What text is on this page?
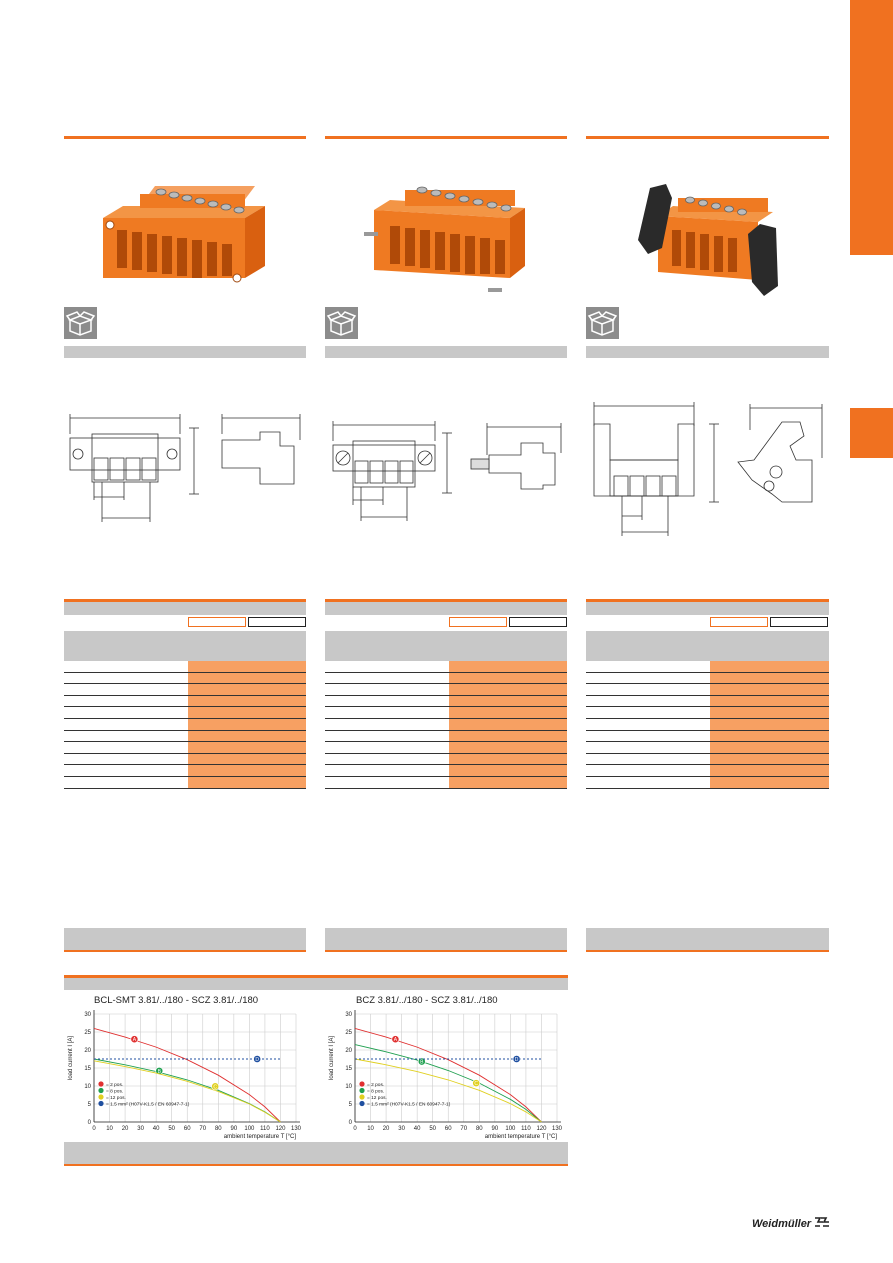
BCL-SMT 3.81/../180 - SCZ 3.81/../180	BCZ 3.81/../180 - SCZ 3.81/../180
0 10 20 30 40 50 60 70 80 90 100 110 120 130
0
5
10
15
20
25
30
ambient temperature T [°C]
load current I [A]	A
= 2 pos.
B
= 8 pos.
C
= 12 pos.
D
= 1.5 mm² (H07V-K1.5 / EN 60947-7-1)
0 10 20 30 40 50 60 70 80 90 100 110 120 130
0
5
10
15
20
25
30
ambient temperature T [°C]
load current I [A]	A
= 2 pos.
B
= 8 pos.
C
= 12 pos.
D
= 1.5 mm² (H07V-K1.5 / EN 60947-7-1)
Weidmüller
